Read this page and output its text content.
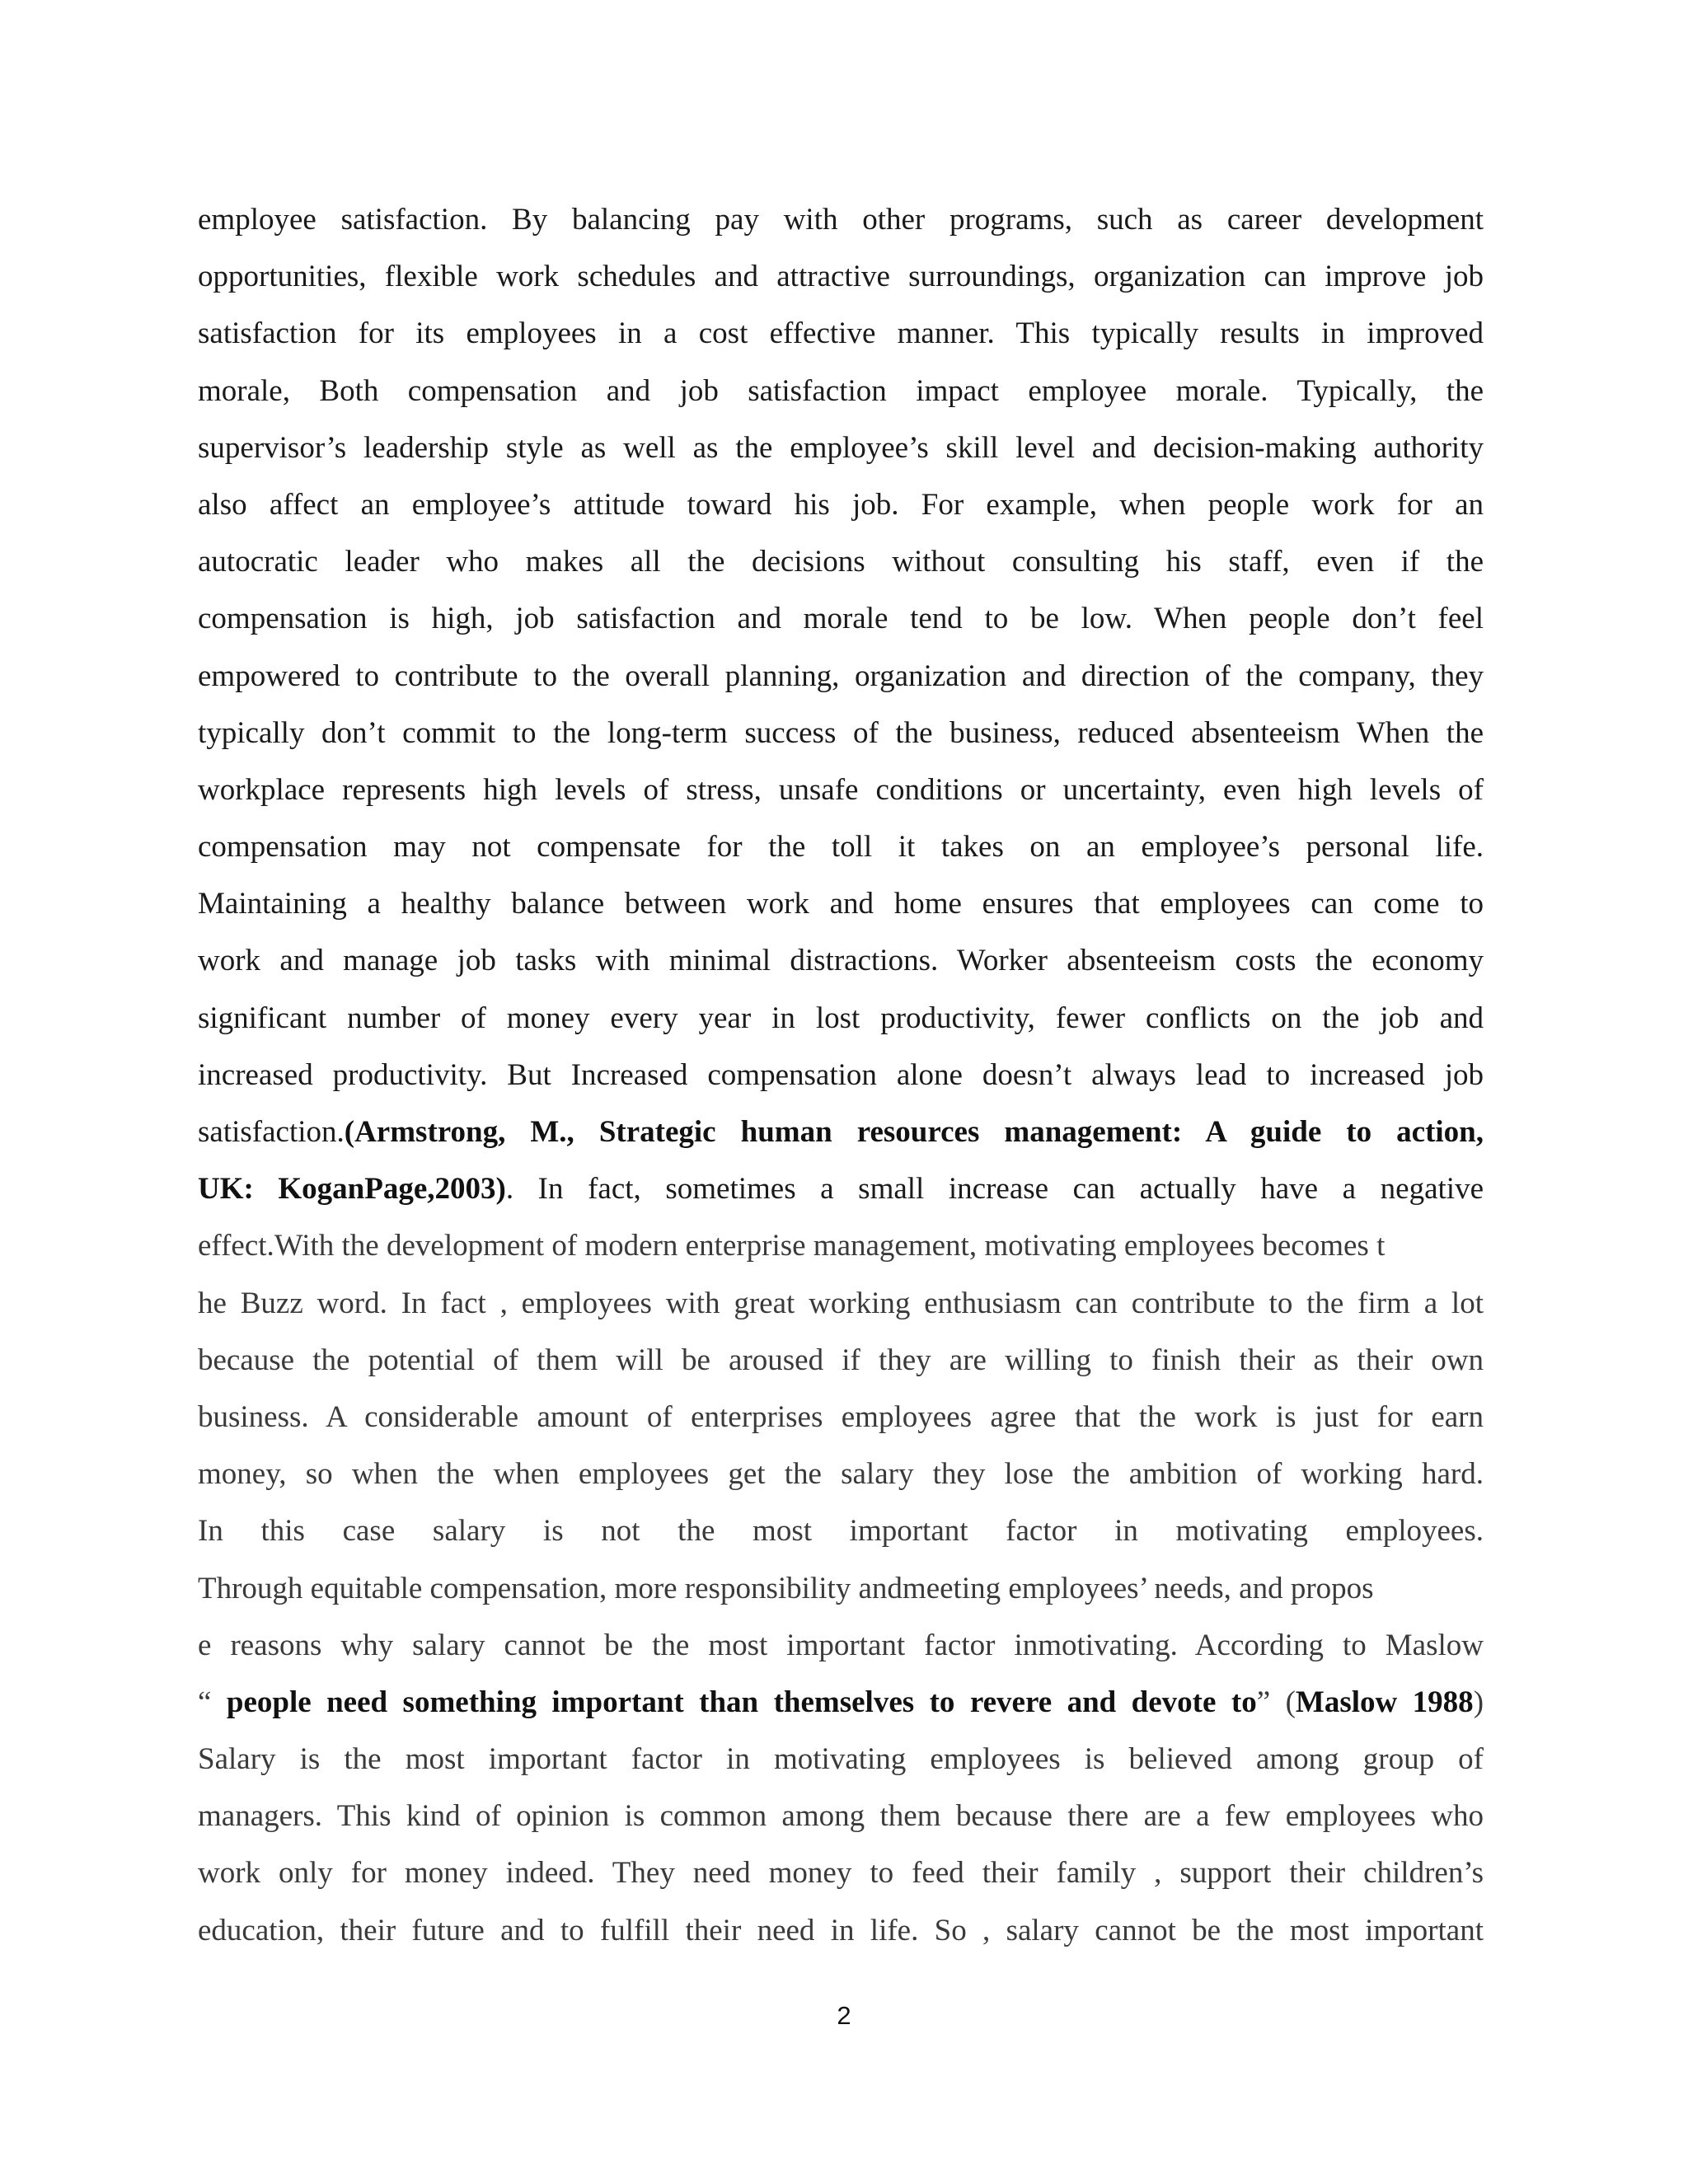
employee satisfaction. By balancing pay with other programs, such as career development
opportunities, flexible work schedules and attractive surroundings, organization can improve job
satisfaction for its employees in a cost effective manner. This typically results in improved
morale, Both compensation and job satisfaction impact employee morale. Typically, the
supervisor’s leadership style as well as the employee’s skill level and decision-making authority
also affect an employee’s attitude toward his job. For example, when people work for an
autocratic leader who makes all the decisions without consulting his staff, even if the
compensation is high, job satisfaction and morale tend to be low. When people don’t feel
empowered to contribute to the overall planning, organization and direction of the company, they
typically don’t commit to the long-term success of the business, reduced absenteeism When the
workplace represents high levels of stress, unsafe conditions or uncertainty, even high levels of
compensation may not compensate for the toll it takes on an employee’s personal life.
Maintaining a healthy balance between work and home ensures that employees can come to
work and manage job tasks with minimal distractions. Worker absenteeism costs the economy
significant number of money every year in lost productivity, fewer conflicts on the job and
increased productivity. But Increased compensation alone doesn’t always lead to increased job
satisfaction.(Armstrong, M., Strategic human resources management: A guide to action,
UK: KoganPage,2003). In fact, sometimes a small increase can actually have a negative
effect.With the development of modern enterprise management, motivating employees becomes t
he Buzz word. In fact , employees with great working enthusiasm can contribute to the firm a lot
because the potential of them will be aroused if they are willing to finish their as their own
business. A considerable amount of enterprises employees agree that the work is just for earn
money, so when the when employees get the salary they lose the ambition of working hard.
In this case salary is not the most important factor in motivating employees.
Through equitable compensation, more responsibility andmeeting employees’ needs, and propos
e reasons why salary cannot be the most important factor inmotivating. According to Maslow
“ people need something important than themselves to revere and devote to” (Maslow 1988)
Salary is the most important factor in motivating employees is believed among group of
managers. This kind of opinion is common among them because there are a few employees who
work only for money indeed. They need money to feed their family , support their children’s
education, their future and to fulfill their need in life. So , salary cannot be the most important
2
